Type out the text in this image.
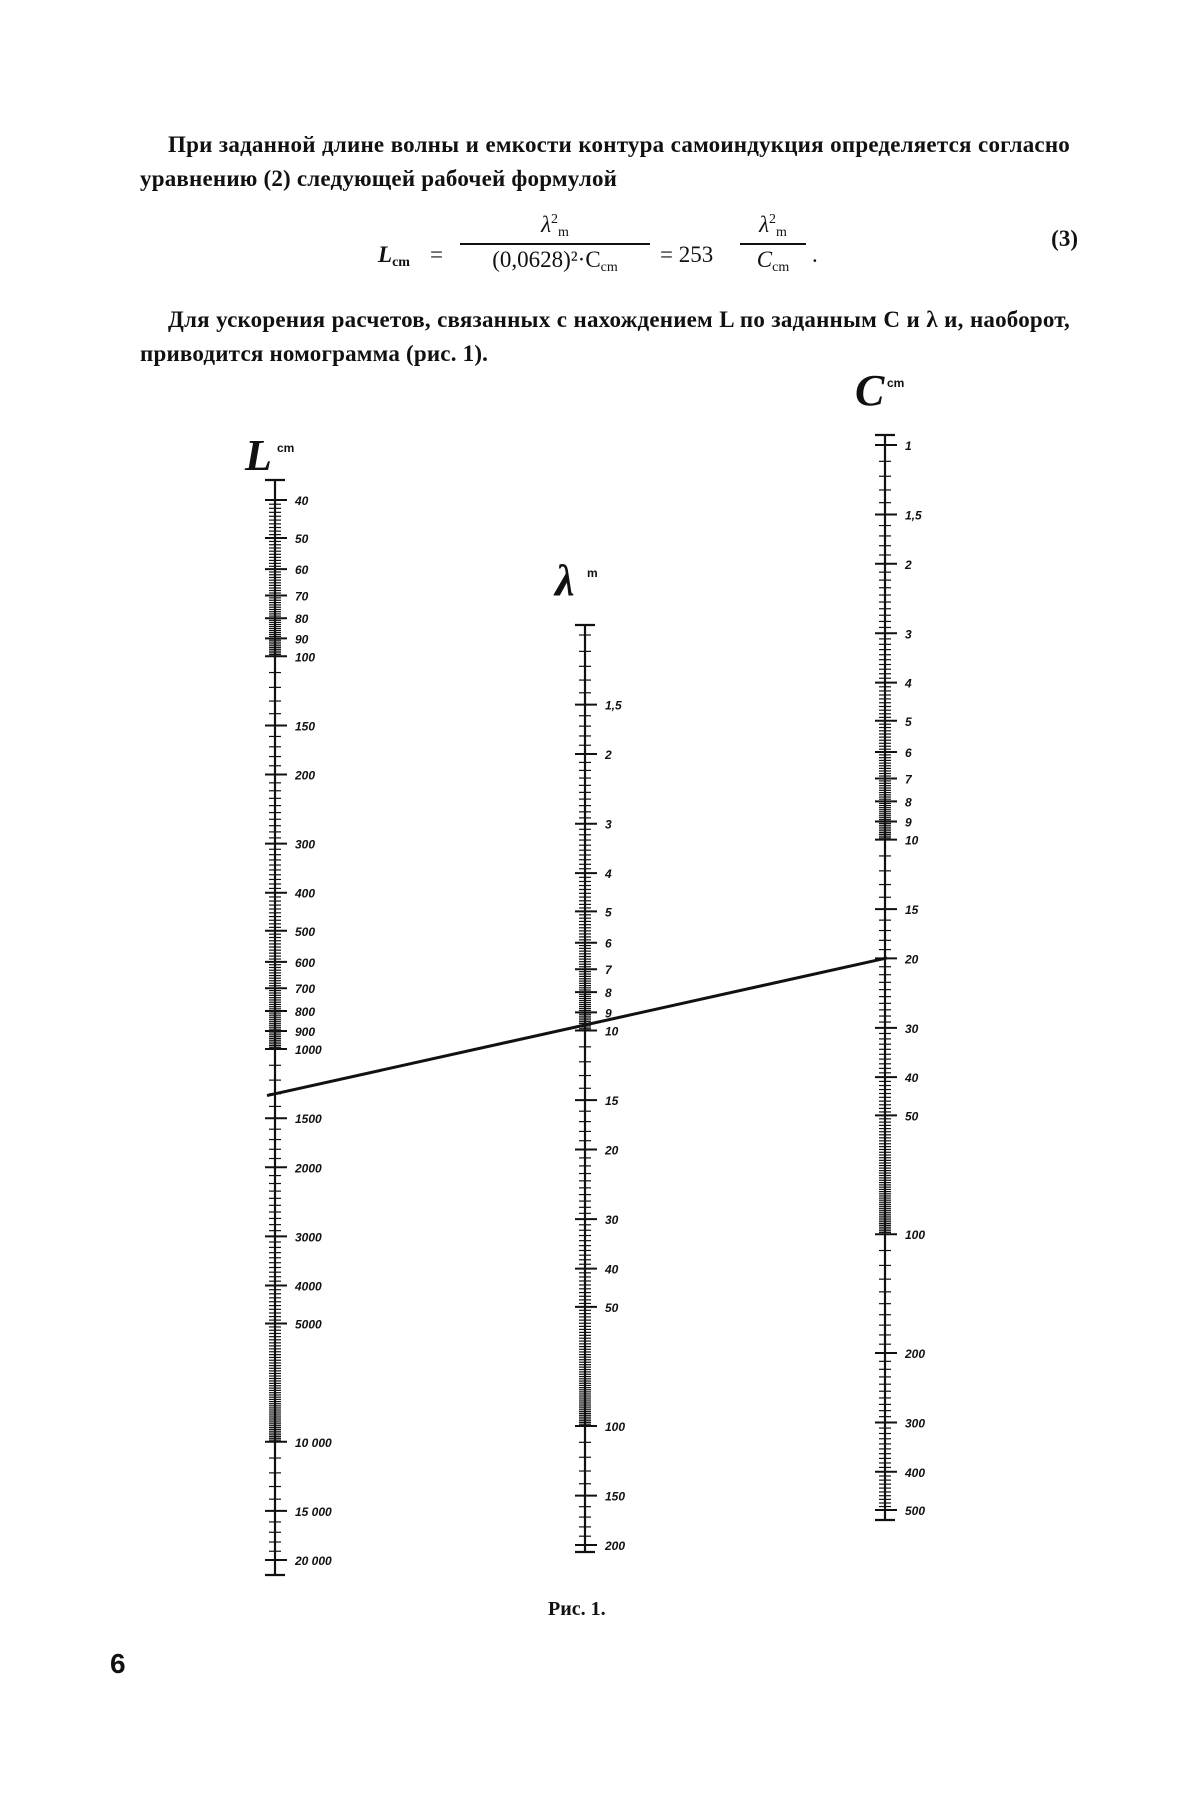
При заданной длине волны и емкости контура самоиндукция определяется согласно уравнению (2) следующей рабочей формулой

$L_{cm}$ =
$\lambda^2_m$
$(0,0628)^2\cdot C_{cm}$
= 253
$\lambda^2_m$
$C_{cm}$
.
(3)

Для ускорения расчетов, связанных с нахождением L по заданным C и λ и, наоборот, приводится номограмма (рис. 1).

40
50
60
70
80
90
100
150
200
300
400
500
600
700
800
900
1000
1500
2000
3000
4000
5000
10 000
15 000
20 000
L cm
1,5
2
3
4
5
6
7
8
9
10
15
20
30
40
50
100
150
200
λ m
1
1,5
2
3
4
5
6
7
8
9
10
15
20
30
40
50
100
200
300
400
500
C cm
Рис. 1.
6
